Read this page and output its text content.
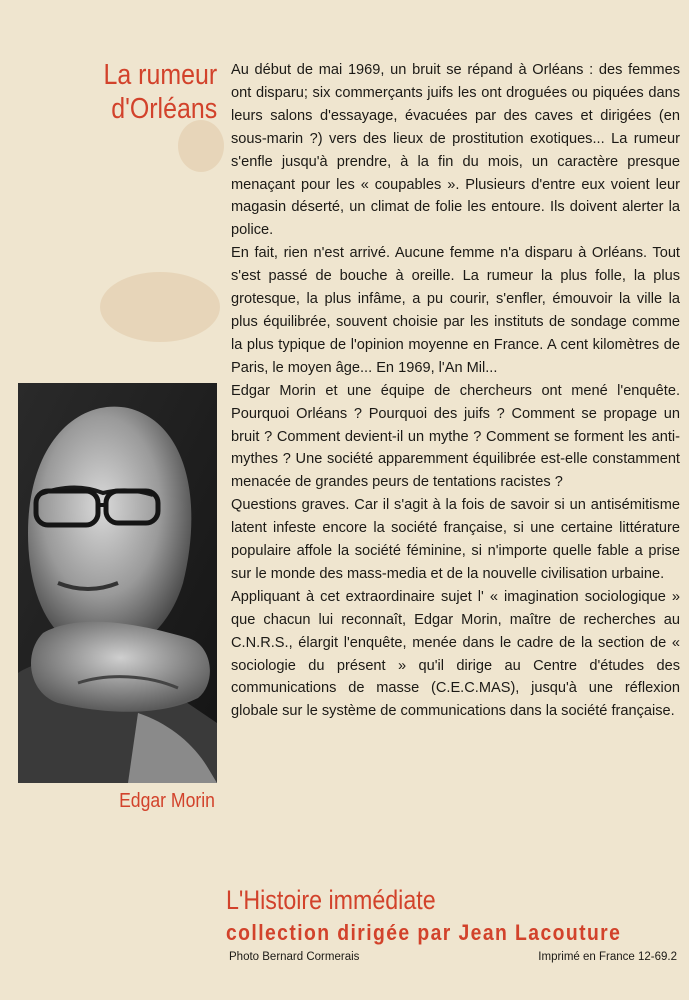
La rumeur
d'Orléans

Au début de mai 1969, un bruit se répand à Orléans : des femmes ont disparu; six commerçants juifs les ont droguées ou piquées dans leurs salons d'essayage, évacuées par des caves et dirigées (en sous-marin ?) vers des lieux de prostitution exotiques... La rumeur s'enfle jusqu'à prendre, à la fin du mois, un caractère presque menaçant pour les « coupables ». Plusieurs d'entre eux voient leur magasin déserté, un climat de folie les entoure. Ils doivent alerter la police.

En fait, rien n'est arrivé. Aucune femme n'a disparu à Orléans. Tout s'est passé de bouche à oreille. La rumeur la plus folle, la plus grotesque, la plus infâme, a pu courir, s'enfler, émouvoir la ville la plus équilibrée, souvent choisie par les instituts de sondage comme la plus typique de l'opinion moyenne en France. A cent kilomètres de Paris, le moyen âge... En 1969, l'An Mil...

Edgar Morin et une équipe de chercheurs ont mené l'enquête. Pourquoi Orléans ? Pourquoi des juifs ? Comment se propage un bruit ? Comment devient-il un mythe ? Comment se forment les anti-mythes ? Une société apparemment équilibrée est-elle constamment menacée de grandes peurs de tentations racistes ?

Questions graves. Car il s'agit à la fois de savoir si un antisémitisme latent infeste encore la société française, si une certaine littérature populaire affole la société féminine, si n'importe quelle fable a prise sur le monde des mass-media et de la nouvelle civilisation urbaine.

Appliquant à cet extraordinaire sujet l' « imagination sociologique » que chacun lui reconnaît, Edgar Morin, maître de recherches au C.N.R.S., élargit l'enquête, menée dans le cadre de la section de « sociologie du présent » qu'il dirige au Centre d'études des communications de masse (C.E.C.MAS), jusqu'à une réflexion globale sur le système de communications dans la société française.

Edgar Morin
L'Histoire immédiate
collection dirigée par Jean Lacouture
Photo Bernard Cormerais	Imprimé en France 12-69.2
